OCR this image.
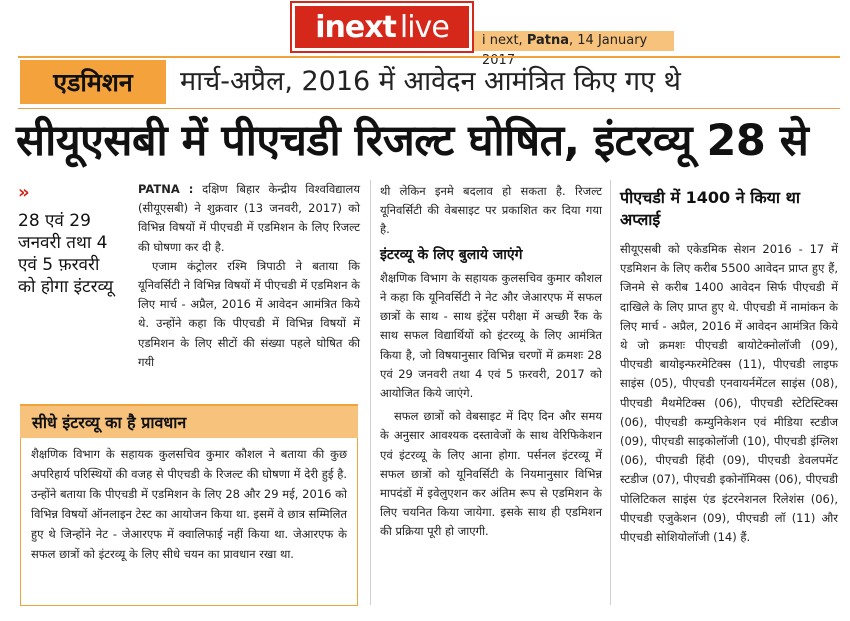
inext live	i next, Patna, 14 January 2017
एडमिशन	मार्च-अप्रैल, 2016 में आवेदन आमंत्रित किए गए थे
सीयूएसबी में पीएचडी रिजल्ट घोषित, इंटरव्यू 28 से
»
28 एवं 29 जनवरी तथा 4 एवं 5 फ़रवरी को होगा इंटरव्यू

PATNA : दक्षिण बिहार केन्द्रीय विश्वविद्यालय (सीयूएसबी) ने शुक्रवार (13 जनवरी, 2017) को विभिन्न विषयों में पीएचडी में एडमिशन के लिए रिजल्ट की घोषणा कर दी है.

एजाम कंट्रोलर रश्मि त्रिपाठी ने बताया कि यूनिवर्सिटी ने विभिन्न विषयों में पीएचडी में एडमिशन के लिए मार्च - अप्रैल, 2016 में आवेदन आमंत्रित किये थे. उन्होंने कहा कि पीएचडी में विभिन्न विषयों में एडमिशन के लिए सीटों की संख्या पहले घोषित की गयी

सीधे इंटरव्यू का है प्रावधान
शैक्षणिक विभाग के सहायक कुलसचिव कुमार कौशल ने बताया की कुछ अपरिहार्य परिस्थियों की वजह से पीएचडी के रिजल्ट की घोषणा में देरी हुई है. उन्होंने बताया कि पीएचडी में एडमिशन के लिए 28 और 29 मई, 2016 को विभिन्न विषयों ऑनलाइन टेस्ट का आयोजन किया था. इसमें वे छात्र सम्मिलित हुए थे जिन्होंने नेट - जेआरएफ में क्वालिफाई नहीं किया था. जेआरएफ के सफल छात्रों को इंटरव्यू के लिए सीधे चयन का प्रावधान रखा था.

थी लेकिन इनमे बदलाव हो सकता है. रिजल्ट यूनिवर्सिटी की वेबसाइट पर प्रकाशित कर दिया गया है.

इंटरव्यू के लिए बुलाये जाएंगे

शैक्षणिक विभाग के सहायक कुलसचिव कुमार कौशल ने कहा कि यूनिवर्सिटी ने नेट और जेआरएफ में सफल छात्रों के साथ - साथ इंट्रेंस परीक्षा में अच्छी रैंक के साथ सफल विद्यार्थियों को इंटरव्यू के लिए आमंत्रित किया है, जो विषयानुसार विभिन्न चरणों में क्रमशः 28 एवं 29 जनवरी तथा 4 एवं 5 फ़रवरी, 2017 को आयोजित किये जाएंगे.

सफल छात्रों को वेबसाइट में दिए दिन और समय के अनुसार आवश्यक दस्तावेजों के साथ वेरिफिकेशन एवं इंटरव्यू के लिए आना होगा. पर्सनल इंटरव्यू में सफल छात्रों को यूनिवर्सिटी के नियमानुसार विभिन्न मापदंडों में इवेलुएशन कर अंतिम रूप से एडमिशन के लिए चयनित किया जायेगा. इसके साथ ही एडमिशन की प्रक्रिया पूरी हो जाएगी.

पीएचडी में 1400 ने किया था अप्लाई

सीयूएसबी को एकेडमिक सेशन 2016 - 17 में एडमिशन के लिए करीब 5500 आवेदन प्राप्त हुए हैं, जिनमे से करीब 1400 आवेदन सिर्फ पीएचडी में दाखिले के लिए प्राप्त हुए थे. पीएचडी में नामांकन के लिए मार्च - अप्रैल, 2016 में आवेदन आमंत्रित किये थे जो क्रमशः पीएचडी बायोटेक्नोलॉजी (09), पीएचडी बायोइन्फरमेटिक्स (11), पीएचडी लाइफ साइंस (05), पीएचडी एनवायर्नमेंटल साइंस (08), पीएचडी मैथमेटिक्स (06), पीएचडी स्टेटिस्टिक्स (06), पीएचडी कम्युनिकेशन एवं मीडिया स्टडीज (09), पीएचडी साइकोलॉजी (10), पीएचडी इंग्लिश (06), पीएचडी हिंदी (09), पीएचडी डेवलपमेंट स्टडीज (07), पीएचडी इकोनॉमिक्स (06), पीएचडी पोलिटिकल साइंस एंड इंटरनेशनल रिलेशंस (06), पीएचडी एजुकेशन (09), पीएचडी लॉ (11) और पीएचडी सोशियोलॉजी (14) हैं.
